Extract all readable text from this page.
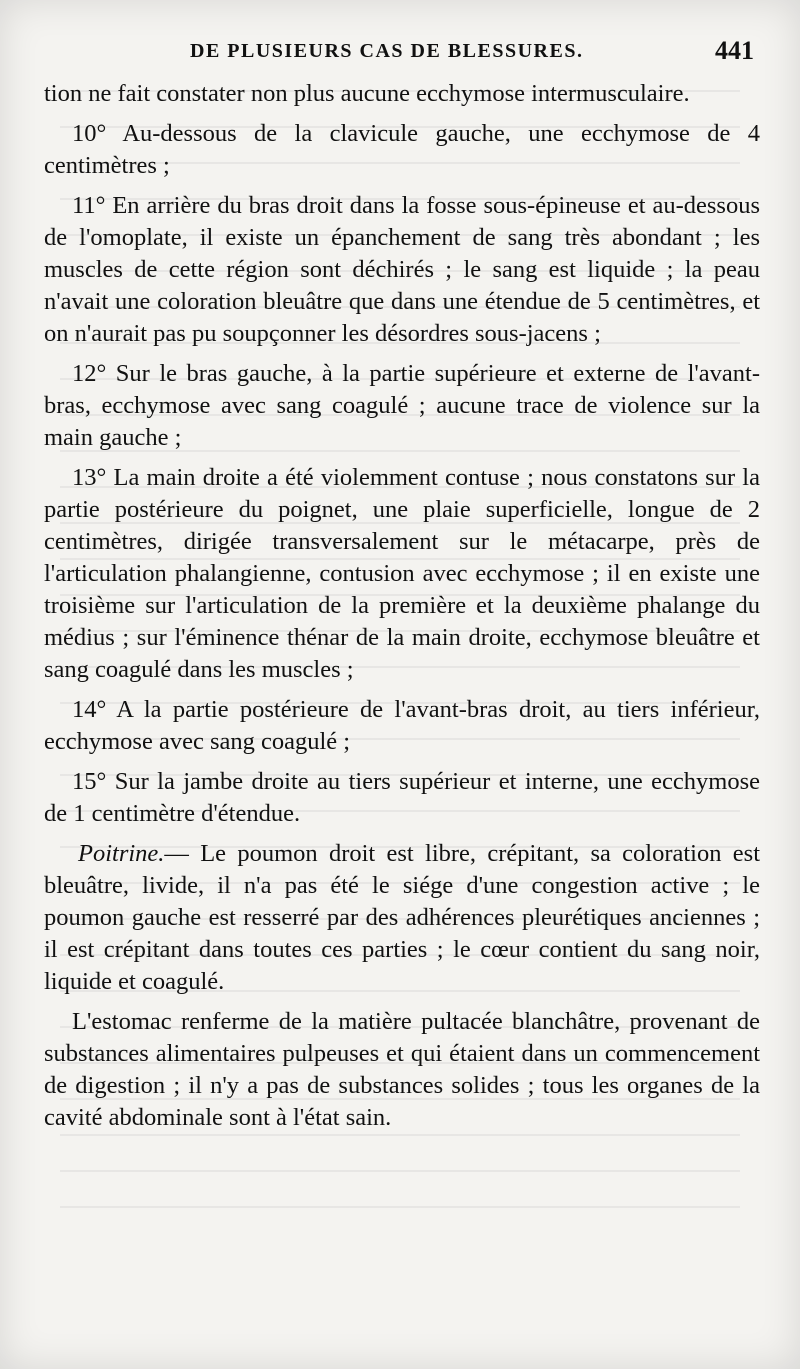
DE PLUSIEURS CAS DE BLESSURES.	441

tion ne fait constater non plus aucune ecchymose intermusculaire.

10° Au-dessous de la clavicule gauche, une ecchymose de 4 centimètres ;

11° En arrière du bras droit dans la fosse sous-épineuse et au-dessous de l'omoplate, il existe un épanchement de sang très abondant ; les muscles de cette région sont déchirés ; le sang est liquide ; la peau n'avait une coloration bleuâtre que dans une étendue de 5 centimètres, et on n'aurait pas pu soupçonner les désordres sous-jacens ;

12° Sur le bras gauche, à la partie supérieure et externe de l'avant-bras, ecchymose avec sang coagulé ; aucune trace de violence sur la main gauche ;

13° La main droite a été violemment contuse ; nous constatons sur la partie postérieure du poignet, une plaie superficielle, longue de 2 centimètres, dirigée transversalement sur le métacarpe, près de l'articulation phalangienne, contusion avec ecchymose ; il en existe une troisième sur l'articulation de la première et la deuxième phalange du médius ; sur l'éminence thénar de la main droite, ecchymose bleuâtre et sang coagulé dans les muscles ;

14° A la partie postérieure de l'avant-bras droit, au tiers inférieur, ecchymose avec sang coagulé ;

15° Sur la jambe droite au tiers supérieur et interne, une ecchymose de 1 centimètre d'étendue.

Poitrine.— Le poumon droit est libre, crépitant, sa coloration est bleuâtre, livide, il n'a pas été le siége d'une congestion active ; le poumon gauche est resserré par des adhérences pleurétiques anciennes ; il est crépitant dans toutes ces parties ; le cœur contient du sang noir, liquide et coagulé.

L'estomac renferme de la matière pultacée blanchâtre, provenant de substances alimentaires pulpeuses et qui étaient dans un commencement de digestion ; il n'y a pas de substances solides ; tous les organes de la cavité abdominale sont à l'état sain.
